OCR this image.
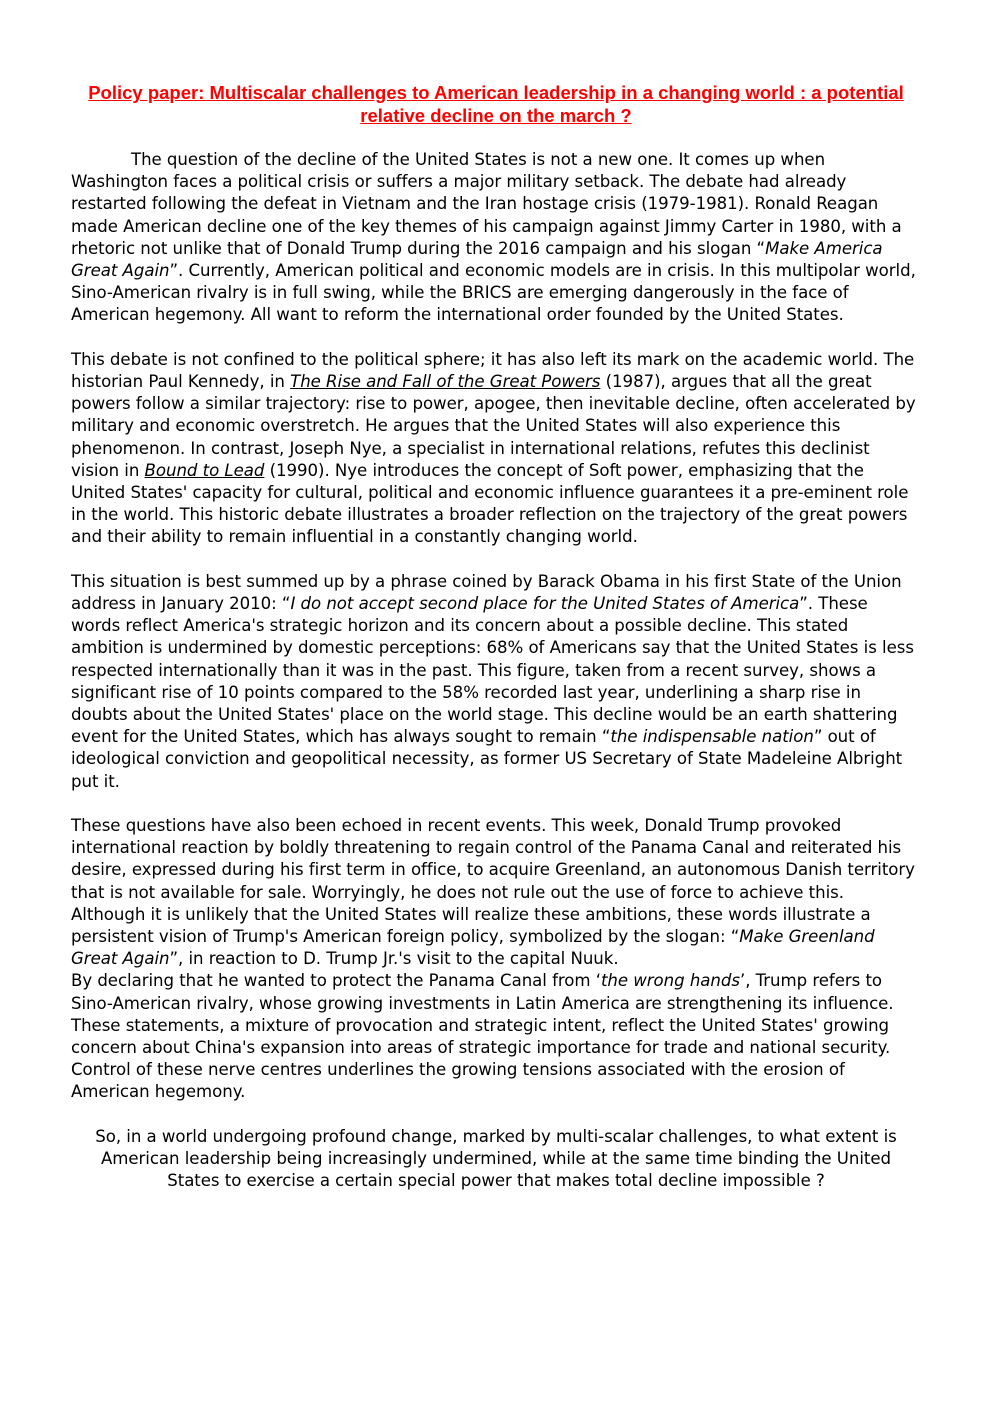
Policy paper: Multiscalar challenges to American leadership in a changing world : a potential relative decline on the march ?

The question of the decline of the United States is not a new one. It comes up when Washington faces a political crisis or suffers a major military setback. The debate had already restarted following the defeat in Vietnam and the Iran hostage crisis (1979-1981). Ronald Reagan made American decline one of the key themes of his campaign against Jimmy Carter in 1980, with a rhetoric not unlike that of Donald Trump during the 2016 campaign and his slogan “Make America Great Again”. Currently, American political and economic models are in crisis. In this multipolar world, Sino-American rivalry is in full swing, while the BRICS are emerging dangerously in the face of American hegemony. All want to reform the international order founded by the United States.

This debate is not confined to the political sphere; it has also left its mark on the academic world. The historian Paul Kennedy, in The Rise and Fall of the Great Powers (1987), argues that all the great powers follow a similar trajectory: rise to power, apogee, then inevitable decline, often accelerated by military and economic overstretch. He argues that the United States will also experience this phenomenon. In contrast, Joseph Nye, a specialist in international relations, refutes this declinist vision in Bound to Lead (1990). Nye introduces the concept of Soft power, emphasizing that the United States' capacity for cultural, political and economic influence guarantees it a pre-eminent role in the world. This historic debate illustrates a broader reflection on the trajectory of the great powers and their ability to remain influential in a constantly changing world.

This situation is best summed up by a phrase coined by Barack Obama in his first State of the Union address in January 2010: “I do not accept second place for the United States of America”. These words reflect America's strategic horizon and its concern about a possible decline. This stated ambition is undermined by domestic perceptions: 68% of Americans say that the United States is less respected internationally than it was in the past. This figure, taken from a recent survey, shows a significant rise of 10 points compared to the 58% recorded last year, underlining a sharp rise in doubts about the United States' place on the world stage. This decline would be an earth shattering event for the United States, which has always sought to remain “the indispensable nation” out of ideological conviction and geopolitical necessity, as former US Secretary of State Madeleine Albright put it.

These questions have also been echoed in recent events. This week, Donald Trump provoked international reaction by boldly threatening to regain control of the Panama Canal and reiterated his desire, expressed during his first term in office, to acquire Greenland, an autonomous Danish territory that is not available for sale. Worryingly, he does not rule out the use of force to achieve this. Although it is unlikely that the United States will realize these ambitions, these words illustrate a persistent vision of Trump's American foreign policy, symbolized by the slogan: “Make Greenland Great Again”, in reaction to D. Trump Jr.'s visit to the capital Nuuk.

By declaring that he wanted to protect the Panama Canal from ‘the wrong hands’, Trump refers to Sino-American rivalry, whose growing investments in Latin America are strengthening its influence. These statements, a mixture of provocation and strategic intent, reflect the United States' growing concern about China's expansion into areas of strategic importance for trade and national security. Control of these nerve centres underlines the growing tensions associated with the erosion of American hegemony.

So, in a world undergoing profound change, marked by multi-scalar challenges, to what extent is American leadership being increasingly undermined, while at the same time binding the United States to exercise a certain special power that makes total decline impossible ?
